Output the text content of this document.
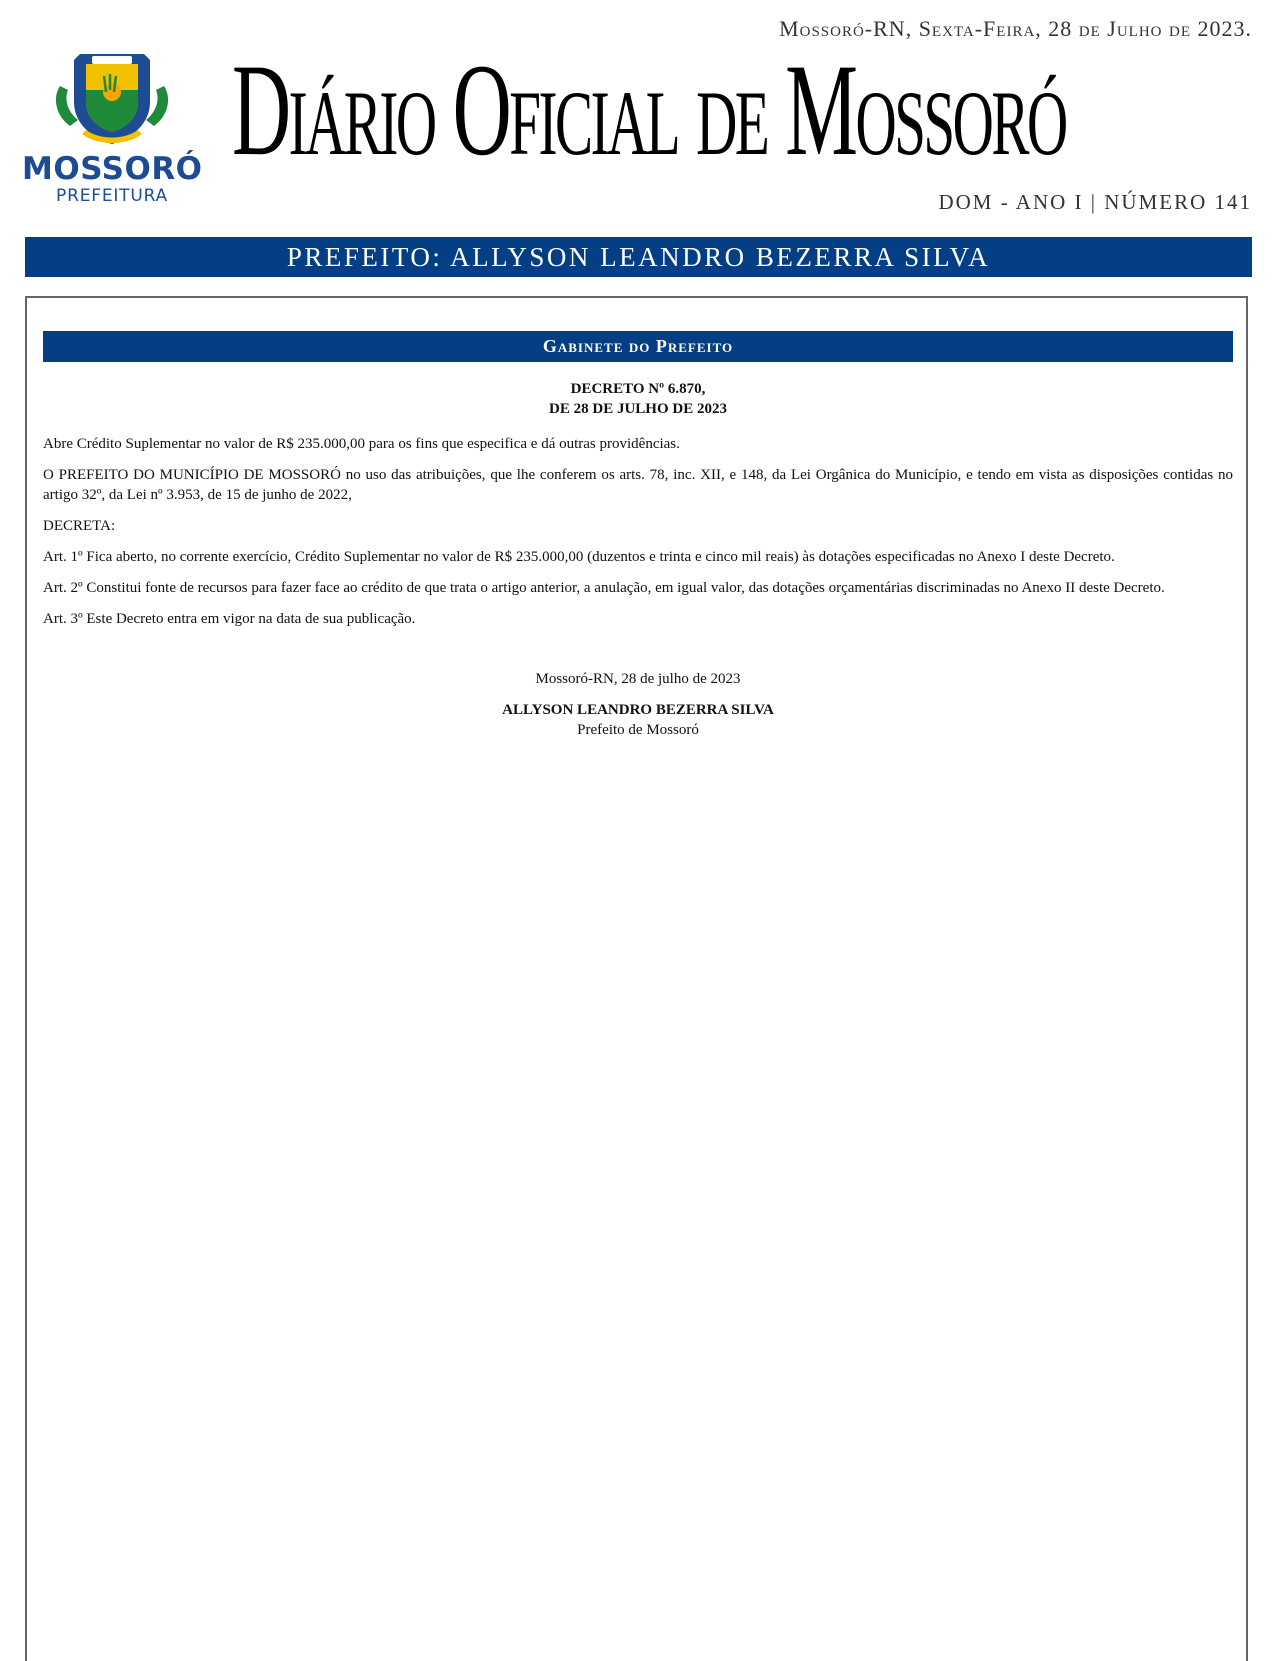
MOSSORÓ
PREFEITURA
Mossoró-RN, Sexta-Feira, 28 de Julho de 2023.
Diário Oficial de Mossoró
DOM - ANO I | NÚMERO 141
PREFEITO: ALLYSON LEANDRO BEZERRA SILVA
Gabinete do Prefeito
DECRETO Nº 6.870,
DE 28 DE JULHO DE 2023

Abre Crédito Suplementar no valor de R$ 235.000,00 para os fins que especifica e dá outras providências.

O PREFEITO DO MUNICÍPIO DE MOSSORÓ no uso das atribuições, que lhe conferem os arts. 78, inc. XII, e 148, da Lei Orgânica do Município, e tendo em vista as disposições contidas no artigo 32º, da Lei nº 3.953, de 15 de junho de 2022,

DECRETA:

Art. 1º Fica aberto, no corrente exercício, Crédito Suplementar no valor de R$ 235.000,00 (duzentos e trinta e cinco mil reais) às dotações especificadas no Anexo I deste Decreto.

Art. 2º Constitui fonte de recursos para fazer face ao crédito de que trata o artigo anterior, a anulação, em igual valor, das dotações orçamentárias discriminadas no Anexo II deste Decreto.

Art. 3º Este Decreto entra em vigor na data de sua publicação.

Mossoró-RN, 28 de julho de 2023
ALLYSON LEANDRO BEZERRA SILVA
Prefeito de Mossoró
